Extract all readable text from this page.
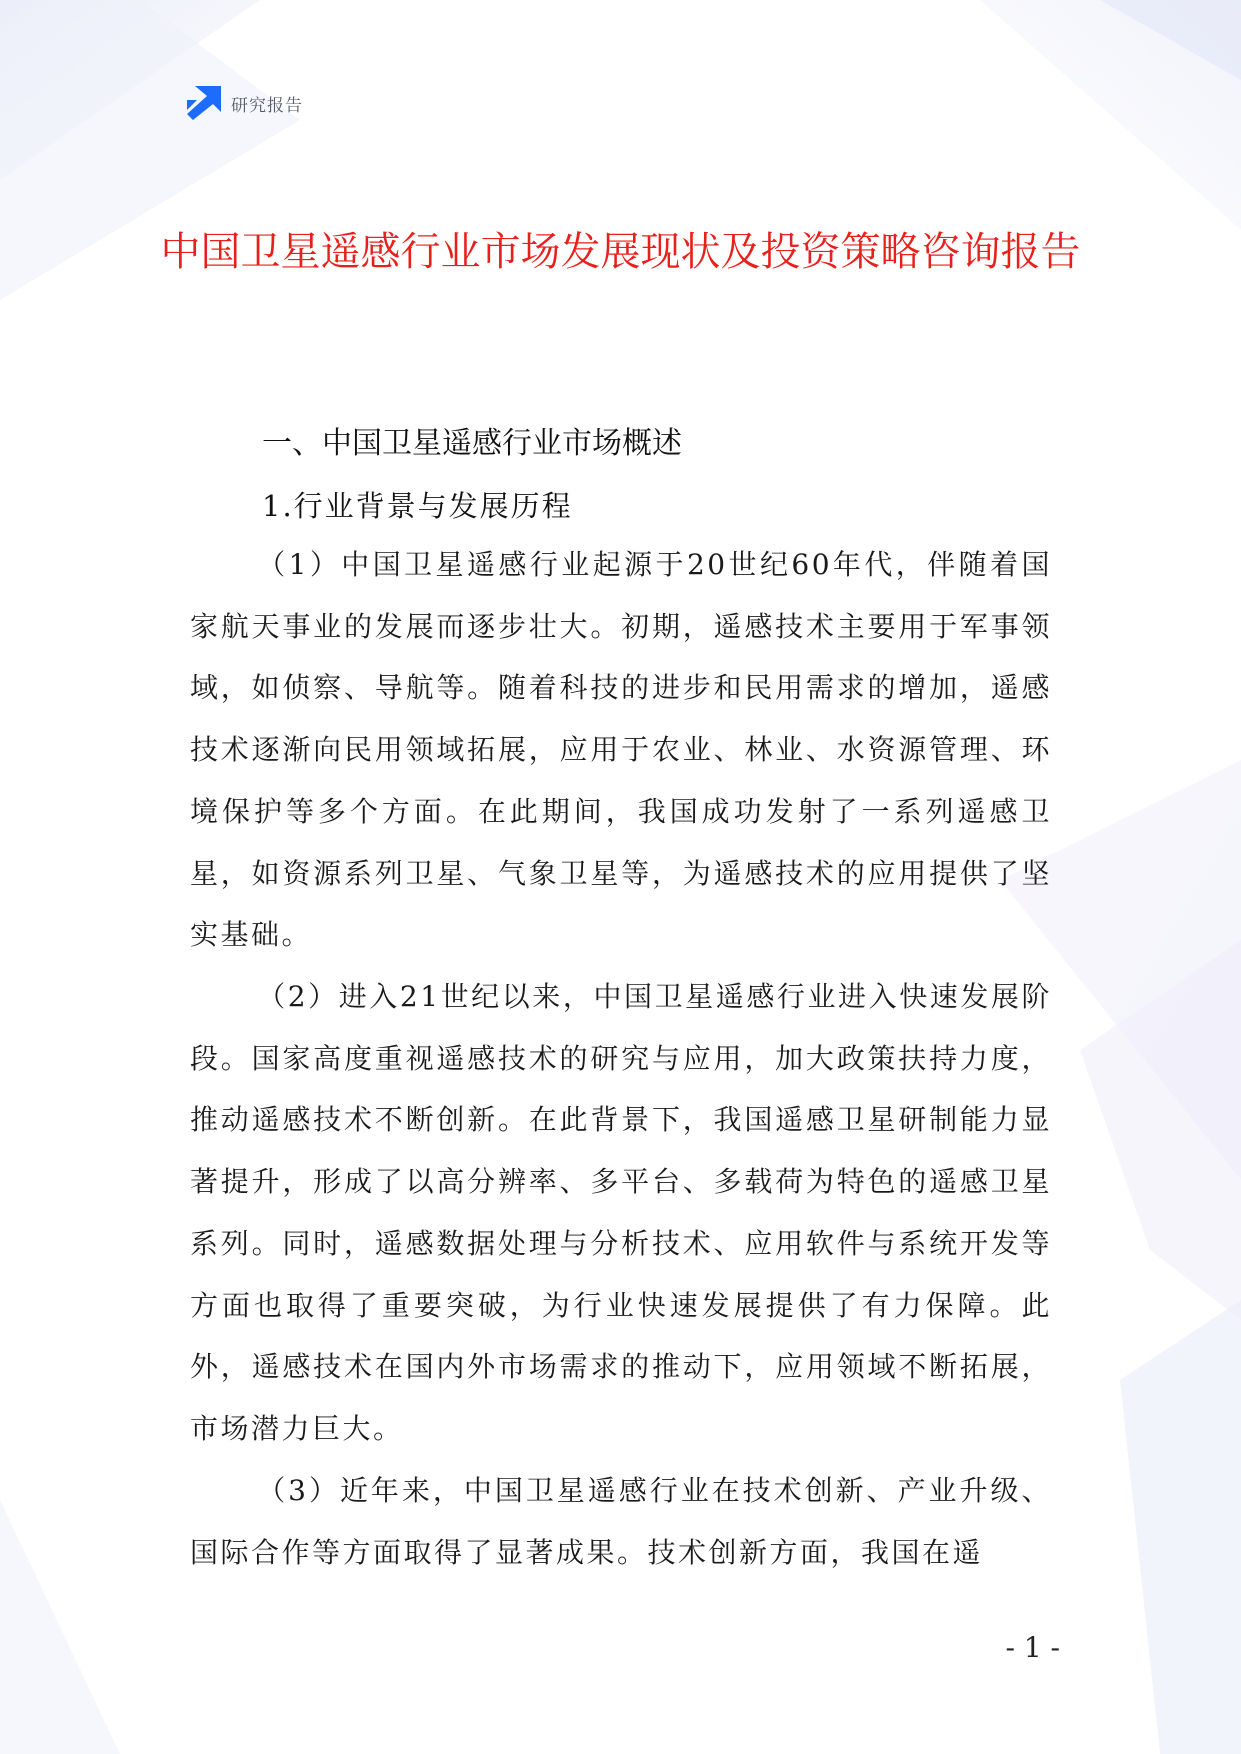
研究报告
中国卫星遥感行业市场发展现状及投资策略咨询报告
一、中国卫星遥感行业市场概述
1.行业背景与发展历程

（1）中国卫星遥感行业起源于20世纪60年代，伴随着国家航天事业的发展而逐步壮大。初期，遥感技术主要用于军事领域，如侦察、导航等。随着科技的进步和民用需求的增加，遥感技术逐渐向民用领域拓展，应用于农业、林业、水资源管理、环境保护等多个方面。在此期间，我国成功发射了一系列遥感卫星，如资源系列卫星、气象卫星等，为遥感技术的应用提供了坚实基础。

（2）进入21世纪以来，中国卫星遥感行业进入快速发展阶段。国家高度重视遥感技术的研究与应用，加大政策扶持力度，推动遥感技术不断创新。在此背景下，我国遥感卫星研制能力显著提升，形成了以高分辨率、多平台、多载荷为特色的遥感卫星系列。同时，遥感数据处理与分析技术、应用软件与系统开发等方面也取得了重要突破，为行业快速发展提供了有力保障。此外，遥感技术在国内外市场需求的推动下，应用领域不断拓展，市场潜力巨大。

（3）近年来，中国卫星遥感行业在技术创新、产业升级、国际合作等方面取得了显著成果。技术创新方面，我国在遥

- 1 -
